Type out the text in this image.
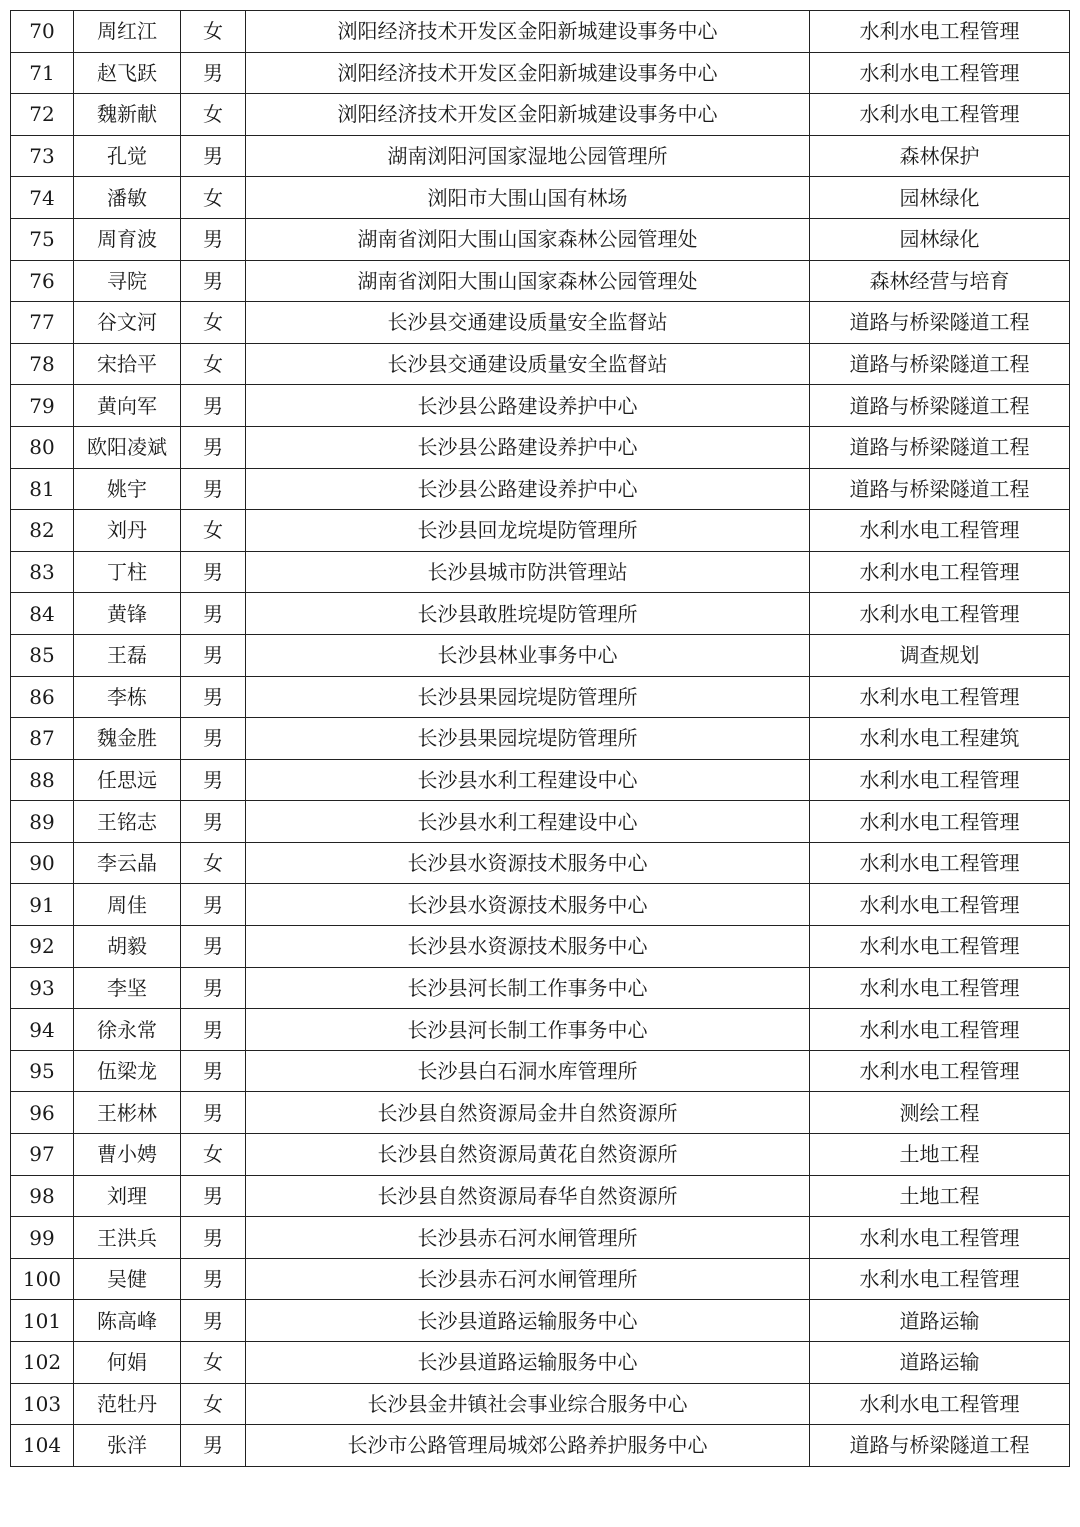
70	周红江	女	浏阳经济技术开发区金阳新城建设事务中心	水利水电工程管理
71	赵飞跃	男	浏阳经济技术开发区金阳新城建设事务中心	水利水电工程管理
72	魏新献	女	浏阳经济技术开发区金阳新城建设事务中心	水利水电工程管理
73	孔觉	男	湖南浏阳河国家湿地公园管理所	森林保护
74	潘敏	女	浏阳市大围山国有林场	园林绿化
75	周育波	男	湖南省浏阳大围山国家森林公园管理处	园林绿化
76	寻院	男	湖南省浏阳大围山国家森林公园管理处	森林经营与培育
77	谷文河	女	长沙县交通建设质量安全监督站	道路与桥梁隧道工程
78	宋拾平	女	长沙县交通建设质量安全监督站	道路与桥梁隧道工程
79	黄向军	男	长沙县公路建设养护中心	道路与桥梁隧道工程
80	欧阳凌斌	男	长沙县公路建设养护中心	道路与桥梁隧道工程
81	姚宇	男	长沙县公路建设养护中心	道路与桥梁隧道工程
82	刘丹	女	长沙县回龙垸堤防管理所	水利水电工程管理
83	丁柱	男	长沙县城市防洪管理站	水利水电工程管理
84	黄锋	男	长沙县敢胜垸堤防管理所	水利水电工程管理
85	王磊	男	长沙县林业事务中心	调查规划
86	李栋	男	长沙县果园垸堤防管理所	水利水电工程管理
87	魏金胜	男	长沙县果园垸堤防管理所	水利水电工程建筑
88	任思远	男	长沙县水利工程建设中心	水利水电工程管理
89	王铭志	男	长沙县水利工程建设中心	水利水电工程管理
90	李云晶	女	长沙县水资源技术服务中心	水利水电工程管理
91	周佳	男	长沙县水资源技术服务中心	水利水电工程管理
92	胡毅	男	长沙县水资源技术服务中心	水利水电工程管理
93	李坚	男	长沙县河长制工作事务中心	水利水电工程管理
94	徐永常	男	长沙县河长制工作事务中心	水利水电工程管理
95	伍梁龙	男	长沙县白石洞水库管理所	水利水电工程管理
96	王彬林	男	长沙县自然资源局金井自然资源所	测绘工程
97	曹小娉	女	长沙县自然资源局黄花自然资源所	土地工程
98	刘理	男	长沙县自然资源局春华自然资源所	土地工程
99	王洪兵	男	长沙县赤石河水闸管理所	水利水电工程管理
100	吴健	男	长沙县赤石河水闸管理所	水利水电工程管理
101	陈高峰	男	长沙县道路运输服务中心	道路运输
102	何娟	女	长沙县道路运输服务中心	道路运输
103	范牡丹	女	长沙县金井镇社会事业综合服务中心	水利水电工程管理
104	张洋	男	长沙市公路管理局城郊公路养护服务中心	道路与桥梁隧道工程
